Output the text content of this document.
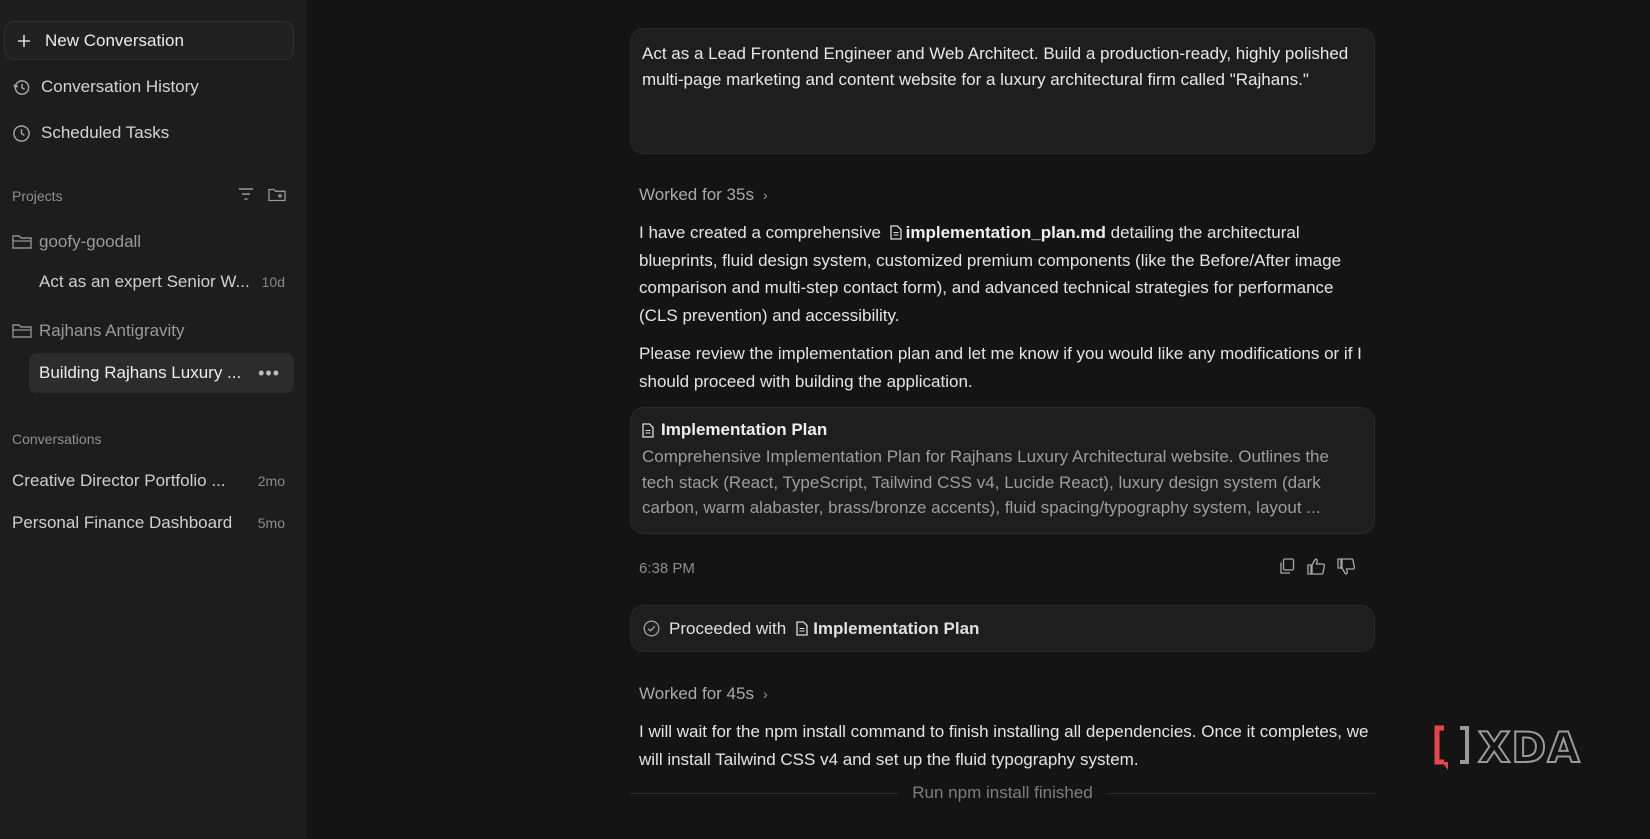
New Conversation
Conversation History
Scheduled Tasks
Projects
goofy-goodall
Act as an expert Senior W... 10d
Rajhans Antigravity
Building Rajhans Luxury ... •••
Conversations
Creative Director Portfolio ... 2mo
Personal Finance Dashboard 5mo
Act as a Lead Frontend Engineer and Web Architect. Build a production-ready, highly polished multi-page marketing and content website for a luxury architectural firm called "Rajhans."
Worked for 35s ›
I have created a comprehensive implementation_plan.md detailing the architectural blueprints, fluid design system, customized premium components (like the Before/After image comparison and multi-step contact form), and advanced technical strategies for performance (CLS prevention) and accessibility.
Please review the implementation plan and let me know if you would like any modifications or if I should proceed with building the application.
Implementation Plan
Comprehensive Implementation Plan for Rajhans Luxury Architectural website. Outlines the tech stack (React, TypeScript, Tailwind CSS v4, Lucide React), luxury design system (dark carbon, warm alabaster, brass/bronze accents), fluid spacing/typography system, layout ...
6:38 PM
Proceeded with Implementation Plan
Worked for 45s ›
I will wait for the npm install command to finish installing all dependencies. Once it completes, we will install Tailwind CSS v4 and set up the fluid typography system.
Run npm install finished
XDA
